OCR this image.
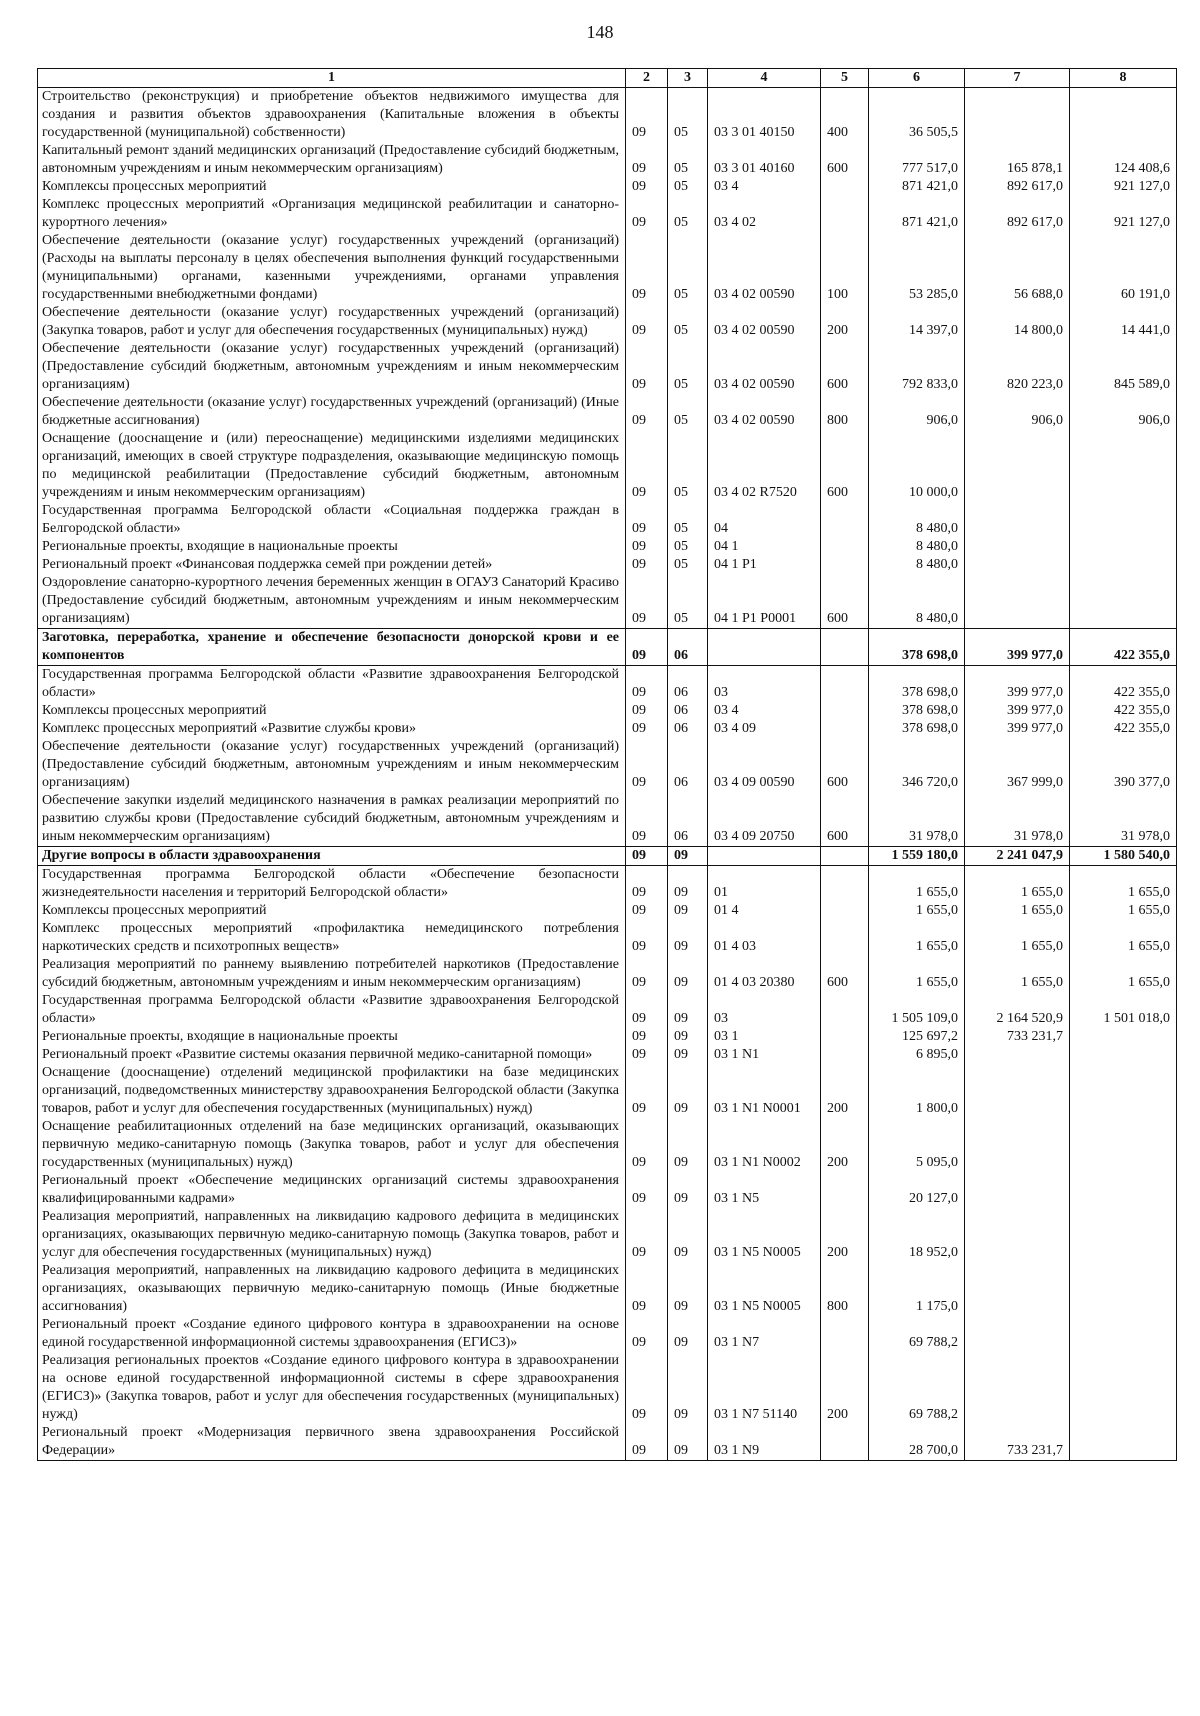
148
1	2	3	4	5	6	7	8
Строительство (реконструкция) и приобретение объектов недвижимого имущества для создания и развития объектов здравоохранения (Капитальные вложения в объекты государственной (муниципальной) собственности)	09	05	03 3 01 40150	400	36 505,5		
Капитальный ремонт зданий медицинских организаций (Предоставление субсидий бюджетным, автономным учреждениям и иным некоммерческим организациям)	09	05	03 3 01 40160	600	777 517,0	165 878,1	124 408,6
Комплексы процессных мероприятий	09	05	03 4		871 421,0	892 617,0	921 127,0
Комплекс процессных мероприятий «Организация медицинской реабилитации и санаторно-курортного лечения»	09	05	03 4 02		871 421,0	892 617,0	921 127,0
Обеспечение деятельности (оказание услуг) государственных учреждений (организаций) (Расходы на выплаты персоналу в целях обеспечения выполнения функций государственными (муниципальными) органами, казенными учреждениями, органами управления государственными внебюджетными фондами)	09	05	03 4 02 00590	100	53 285,0	56 688,0	60 191,0
Обеспечение деятельности (оказание услуг) государственных учреждений (организаций) (Закупка товаров, работ и услуг для обеспечения государственных (муниципальных) нужд)	09	05	03 4 02 00590	200	14 397,0	14 800,0	14 441,0
Обеспечение деятельности (оказание услуг) государственных учреждений (организаций) (Предоставление субсидий бюджетным, автономным учреждениям и иным некоммерческим организациям)	09	05	03 4 02 00590	600	792 833,0	820 223,0	845 589,0
Обеспечение деятельности (оказание услуг) государственных учреждений (организаций) (Иные бюджетные ассигнования)	09	05	03 4 02 00590	800	906,0	906,0	906,0
Оснащение (дооснащение и (или) переоснащение) медицинскими изделиями медицинских организаций, имеющих в своей структуре подразделения, оказывающие медицинскую помощь по медицинской реабилитации (Предоставление субсидий бюджетным, автономным учреждениям и иным некоммерческим организациям)	09	05	03 4 02 R7520	600	10 000,0		
Государственная программа Белгородской области «Социальная поддержка граждан в Белгородской области»	09	05	04		8 480,0		
Региональные проекты, входящие в национальные проекты	09	05	04 1		8 480,0		
Региональный проект «Финансовая поддержка семей при рождении детей»	09	05	04 1 P1		8 480,0		
Оздоровление санаторно-курортного лечения беременных женщин в ОГАУЗ Санаторий Красиво (Предоставление субсидий бюджетным, автономным учреждениям и иным некоммерческим организациям)	09	05	04 1 P1 P0001	600	8 480,0		
Заготовка, переработка, хранение и обеспечение безопасности донорской крови и ее компонентов	09	06			378 698,0	399 977,0	422 355,0
Государственная программа Белгородской области «Развитие здравоохранения Белгородской области»	09	06	03		378 698,0	399 977,0	422 355,0
Комплексы процессных мероприятий	09	06	03 4		378 698,0	399 977,0	422 355,0
Комплекс процессных мероприятий «Развитие службы крови»	09	06	03 4 09		378 698,0	399 977,0	422 355,0
Обеспечение деятельности (оказание услуг) государственных учреждений (организаций) (Предоставление субсидий бюджетным, автономным учреждениям и иным некоммерческим организациям)	09	06	03 4 09 00590	600	346 720,0	367 999,0	390 377,0
Обеспечение закупки изделий медицинского назначения в рамках реализации мероприятий по развитию службы крови (Предоставление субсидий бюджетным, автономным учреждениям и иным некоммерческим организациям)	09	06	03 4 09 20750	600	31 978,0	31 978,0	31 978,0
Другие вопросы в области здравоохранения	09	09			1 559 180,0	2 241 047,9	1 580 540,0
Государственная программа Белгородской области «Обеспечение безопасности жизнедеятельности населения и территорий Белгородской области»	09	09	01		1 655,0	1 655,0	1 655,0
Комплексы процессных мероприятий	09	09	01 4		1 655,0	1 655,0	1 655,0
Комплекс процессных мероприятий «профилактика немедицинского потребления наркотических средств и психотропных веществ»	09	09	01 4 03		1 655,0	1 655,0	1 655,0
Реализация мероприятий по раннему выявлению потребителей наркотиков (Предоставление субсидий бюджетным, автономным учреждениям и иным некоммерческим организациям)	09	09	01 4 03 20380	600	1 655,0	1 655,0	1 655,0
Государственная программа Белгородской области «Развитие здравоохранения Белгородской области»	09	09	03		1 505 109,0	2 164 520,9	1 501 018,0
Региональные проекты, входящие в национальные проекты	09	09	03 1		125 697,2	733 231,7	
Региональный проект «Развитие системы оказания первичной медико-санитарной помощи»	09	09	03 1 N1		6 895,0		
Оснащение (дооснащение) отделений медицинской профилактики на базе медицинских организаций, подведомственных министерству здравоохранения Белгородской области (Закупка товаров, работ и услуг для обеспечения государственных (муниципальных) нужд)	09	09	03 1 N1 N0001	200	1 800,0		
Оснащение реабилитационных отделений на базе медицинских организаций, оказывающих первичную медико-санитарную помощь (Закупка товаров, работ и услуг для обеспечения государственных (муниципальных) нужд)	09	09	03 1 N1 N0002	200	5 095,0		
Региональный проект «Обеспечение медицинских организаций системы здравоохранения квалифицированными кадрами»	09	09	03 1 N5		20 127,0		
Реализация мероприятий, направленных на ликвидацию кадрового дефицита в медицинских организациях, оказывающих первичную медико-санитарную помощь (Закупка товаров, работ и услуг для обеспечения государственных (муниципальных) нужд)	09	09	03 1 N5 N0005	200	18 952,0		
Реализация мероприятий, направленных на ликвидацию кадрового дефицита в медицинских организациях, оказывающих первичную медико-санитарную помощь (Иные бюджетные ассигнования)	09	09	03 1 N5 N0005	800	1 175,0		
Региональный проект «Создание единого цифрового контура в здравоохранении на основе единой государственной информационной системы здравоохранения (ЕГИСЗ)»	09	09	03 1 N7		69 788,2		
Реализация региональных проектов «Создание единого цифрового контура в здравоохранении на основе единой государственной информационной системы в сфере здравоохранения (ЕГИСЗ)» (Закупка товаров, работ и услуг для обеспечения государственных (муниципальных) нужд)	09	09	03 1 N7 51140	200	69 788,2		
Региональный проект «Модернизация первичного звена здравоохранения Российской Федерации»	09	09	03 1 N9		28 700,0	733 231,7	
